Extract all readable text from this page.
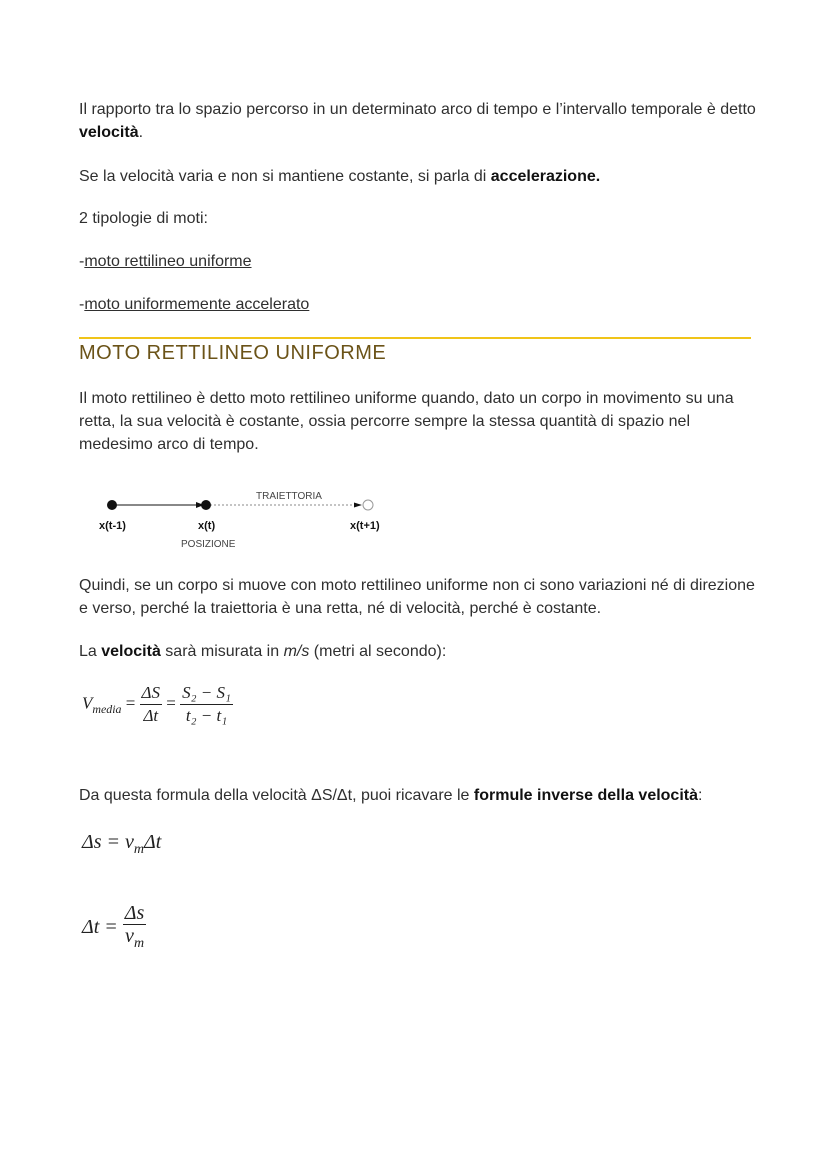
Il rapporto tra lo spazio percorso in un determinato arco di tempo e l’intervallo temporale è detto velocità.

Se la velocità varia e non si mantiene costante, si parla di accelerazione.

2 tipologie di moti:

-moto rettilineo uniforme

-moto uniformemente accelerato

MOTO RETTILINEO UNIFORME

Il moto rettilineo è detto moto rettilineo uniforme quando, dato un corpo in movimento su una retta, la sua velocità è costante, ossia percorre sempre la stessa quantità di spazio nel medesimo arco di tempo.

x(t-1)	x(t)	x(t+1)
TRAIETTORIA
POSIZIONE

Quindi, se un corpo si muove con moto rettilineo uniforme non ci sono variazioni né di direzione e verso, perché la traiettoria è una retta, né di velocità, perché è costante.

La velocità sarà misurata in m/s (metri al secondo):

$V_{media} = \frac{\Delta S}{\Delta t} = \frac{\text{S₂ − S₁}}{\text{t₂ − t₁}}$

Da questa formula della velocità ΔS/Δt, puoi ricavare le formule inverse della velocità:

$\Delta s = v_m\Delta t$
$\Delta t = \frac{\Delta s}{v_m}$
